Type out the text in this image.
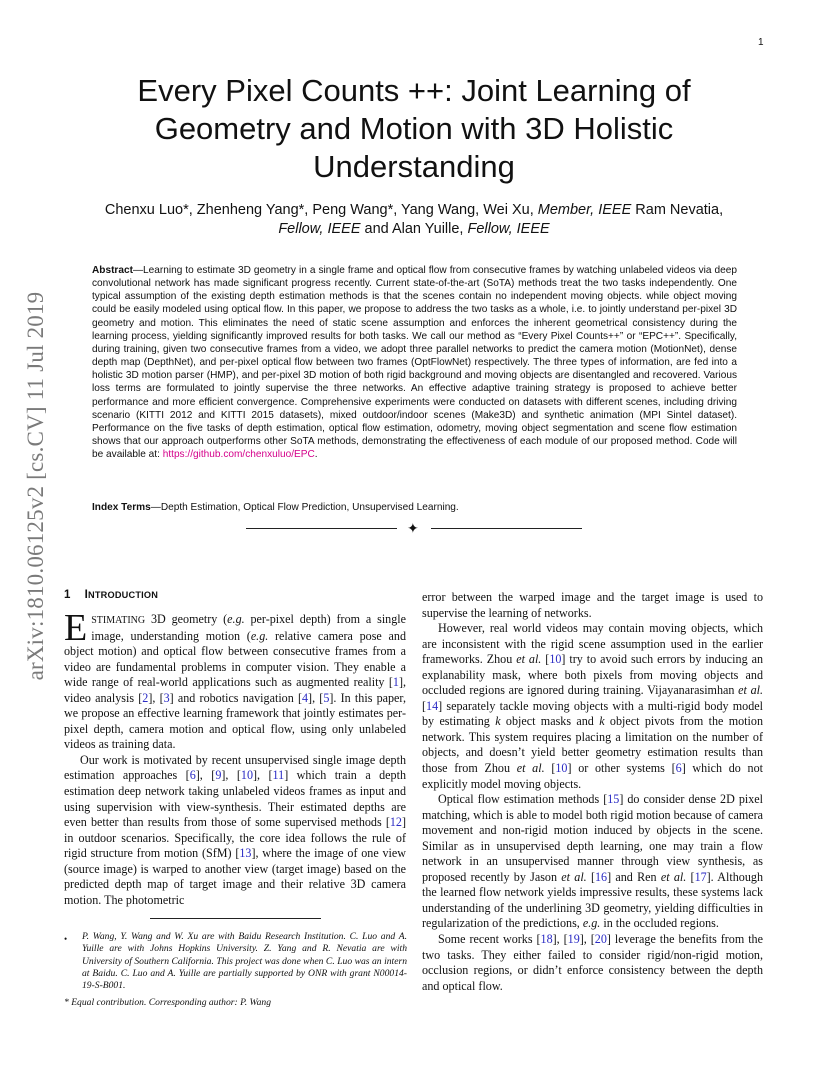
1
arXiv:1810.06125v2 [cs.CV] 11 Jul 2019
Every Pixel Counts ++: Joint Learning of
Geometry and Motion with 3D Holistic
Understanding
Chenxu Luo*, Zhenheng Yang*, Peng Wang*, Yang Wang, Wei Xu, Member, IEEE Ram Nevatia, Fellow, IEEE and Alan Yuille, Fellow, IEEE
Abstract—Learning to estimate 3D geometry in a single frame and optical flow from consecutive frames by watching unlabeled videos via deep convolutional network has made significant progress recently. Current state-of-the-art (SoTA) methods treat the two tasks independently. One typical assumption of the existing depth estimation methods is that the scenes contain no independent moving objects. while object moving could be easily modeled using optical flow. In this paper, we propose to address the two tasks as a whole, i.e. to jointly understand per-pixel 3D geometry and motion. This eliminates the need of static scene assumption and enforces the inherent geometrical consistency during the learning process, yielding significantly improved results for both tasks. We call our method as “Every Pixel Counts++” or “EPC++”. Specifically, during training, given two consecutive frames from a video, we adopt three parallel networks to predict the camera motion (MotionNet), dense depth map (DepthNet), and per-pixel optical flow between two frames (OptFlowNet) respectively. The three types of information, are fed into a holistic 3D motion parser (HMP), and per-pixel 3D motion of both rigid background and moving objects are disentangled and recovered. Various loss terms are formulated to jointly supervise the three networks. An effective adaptive training strategy is proposed to achieve better performance and more efficient convergence. Comprehensive experiments were conducted on datasets with different scenes, including driving scenario (KITTI 2012 and KITTI 2015 datasets), mixed outdoor/indoor scenes (Make3D) and synthetic animation (MPI Sintel dataset). Performance on the five tasks of depth estimation, optical flow estimation, odometry, moving object segmentation and scene flow estimation shows that our approach outperforms other SoTA methods, demonstrating the effectiveness of each module of our proposed method. Code will be available at: https://github.com/chenxuluo/EPC.
Index Terms—Depth Estimation, Optical Flow Prediction, Unsupervised Learning.
✦
1 INTRODUCTION

ESTIMATING 3D geometry (e.g. per-pixel depth) from a single image, understanding motion (e.g. relative camera pose and object motion) and optical flow between consecutive frames from a video are fundamental problems in computer vision. They enable a wide range of real-world applications such as augmented reality [1], video analysis [2], [3] and robotics navigation [4], [5]. In this paper, we propose an effective learning framework that jointly estimates per-pixel depth, camera motion and optical flow, using only unlabeled videos as training data.

Our work is motivated by recent unsupervised single image depth estimation approaches [6], [9], [10], [11] which train a depth estimation deep network taking unlabeled videos frames as input and using supervision with view-synthesis. Their estimated depths are even better than results from those of some supervised methods [12] in outdoor scenarios. Specifically, the core idea follows the rule of rigid structure from motion (SfM) [13], where the image of one view (source image) is warped to another view (target image) based on the predicted depth map of target image and their relative 3D camera motion. The photometric

error between the warped image and the target image is used to supervise the learning of networks.

However, real world videos may contain moving objects, which are inconsistent with the rigid scene assumption used in the earlier frameworks. Zhou et al. [10] try to avoid such errors by inducing an explanability mask, where both pixels from moving objects and occluded regions are ignored during training. Vijayanarasimhan et al. [14] separately tackle moving objects with a multi-rigid body model by estimating k object masks and k object pivots from the motion network. This system requires placing a limitation on the number of objects, and doesn’t yield better geometry estimation results than those from Zhou et al. [10] or other systems [6] which do not explicitly model moving objects.

Optical flow estimation methods [15] do consider dense 2D pixel matching, which is able to model both rigid motion because of camera movement and non-rigid motion induced by objects in the scene. Similar as in unsupervised depth learning, one may train a flow network in an unsupervised manner through view synthesis, as proposed recently by Jason et al. [16] and Ren et al. [17]. Although the learned flow network yields impressive results, these systems lack understanding of the underlining 3D geometry, yielding difficulties in regularization of the predictions, e.g. in the occluded regions.

Some recent works [18], [19], [20] leverage the benefits from the two tasks. They either failed to consider rigid/non-rigid motion, occlusion regions, or didn’t enforce consistency between the depth and optical flow.

• P. Wang, Y. Wang and W. Xu are with Baidu Research Institution. C. Luo and A. Yuille are with Johns Hopkins University. Z. Yang and R. Nevatia are with University of Southern California. This project was done when C. Luo was an intern at Baidu. C. Luo and A. Yuille are partially supported by ONR with grant N00014-19-S-B001.
* Equal contribution. Corresponding author: P. Wang
